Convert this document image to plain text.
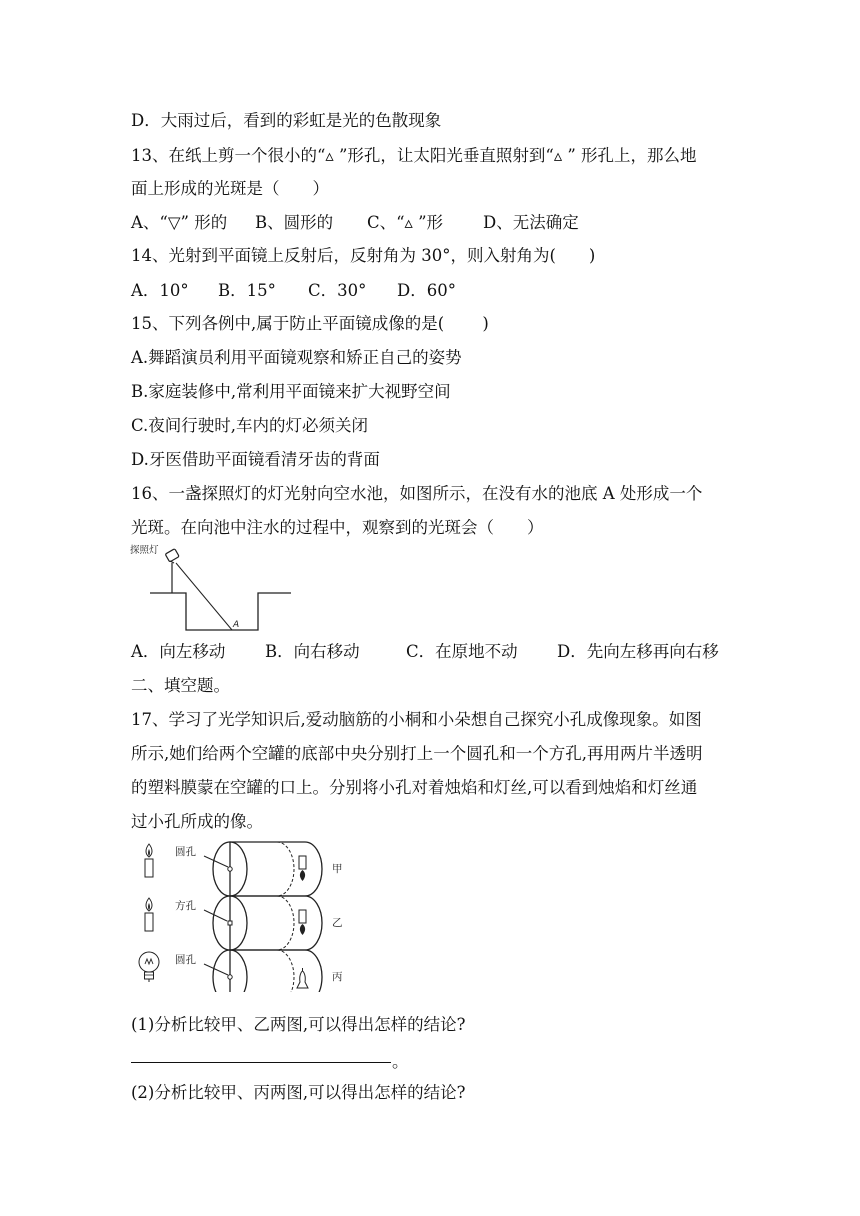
D．大雨过后，看到的彩虹是光的色散现象
13、在纸上剪一个很小的“▵ ”形孔，让太阳光垂直照射到“▵ ” 形孔上，那么地
面上形成的光斑是（　　）
A、“▽” 形的 B、圆形的 C、“▵ ”形 D、无法确定
14、光射到平面镜上反射后，反射角为 30°，则入射角为(　　)
A．10° B．15° C．30° D．60°
15、下列各例中,属于防止平面镜成像的是(　　 )
A.舞蹈演员利用平面镜观察和矫正自己的姿势
B.家庭装修中,常利用平面镜来扩大视野空间
C.夜间行驶时,车内的灯必须关闭
D.牙医借助平面镜看清牙齿的背面
16、一盏探照灯的灯光射向空水池，如图所示，在没有水的池底 A 处形成一个
光斑。在向池中注水的过程中，观察到的光斑会（　　）
探照灯
A
A．向左移动 B．向右移动	C．在原地不动 D．先向左移再向右移
二、填空题。
17、学习了光学知识后,爱动脑筋的小桐和小朵想自己探究小孔成像现象。如图
所示,她们给两个空罐的底部中央分别打上一个圆孔和一个方孔,再用两片半透明
的塑料膜蒙在空罐的口上。分别将小孔对着烛焰和灯丝,可以看到烛焰和灯丝通
过小孔所成的像。
圆孔
甲
方孔
乙
圆孔
丙
(1)分析比较甲、乙两图,可以得出怎样的结论?
。
(2)分析比较甲、丙两图,可以得出怎样的结论?
